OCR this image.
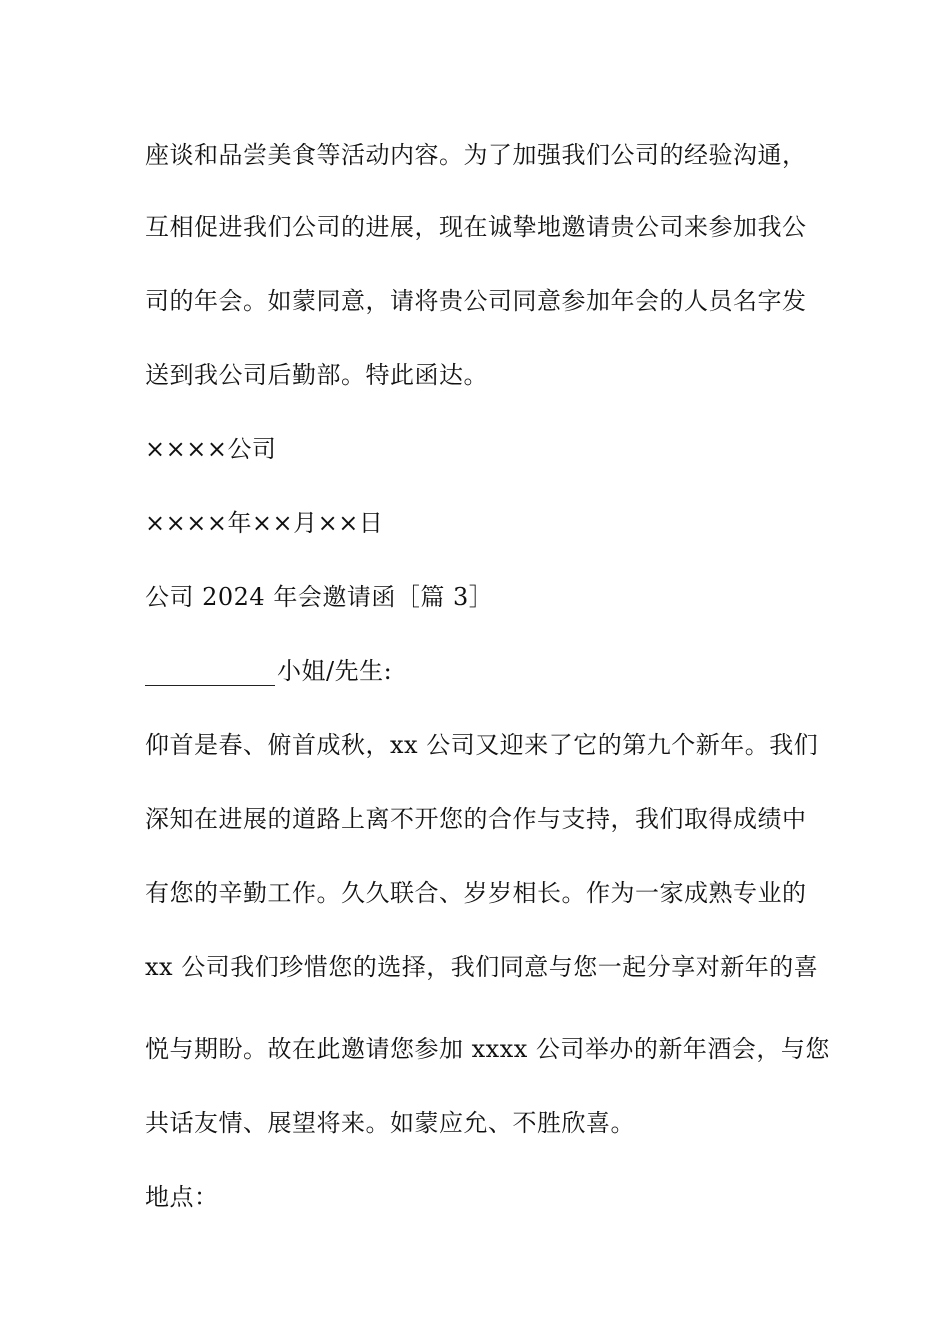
座谈和品尝美食等活动内容。为了加强我们公司的经验沟通，
互相促进我们公司的进展，现在诚挚地邀请贵公司来参加我公
司的年会。如蒙同意，请将贵公司同意参加年会的人员名字发
送到我公司后勤部。特此函达。
××××公司
××××年××月××日
公司 2024 年会邀请函［篇 3］
小姐/先生:
仰首是春、俯首成秋，xx 公司又迎来了它的第九个新年。我们
深知在进展的道路上离不开您的合作与支持，我们取得成绩中
有您的辛勤工作。久久联合、岁岁相长。作为一家成熟专业的
xx 公司我们珍惜您的选择，我们同意与您一起分享对新年的喜
悦与期盼。故在此邀请您参加 xxxx 公司举办的新年酒会，与您
共话友情、展望将来。如蒙应允、不胜欣喜。
地点：
